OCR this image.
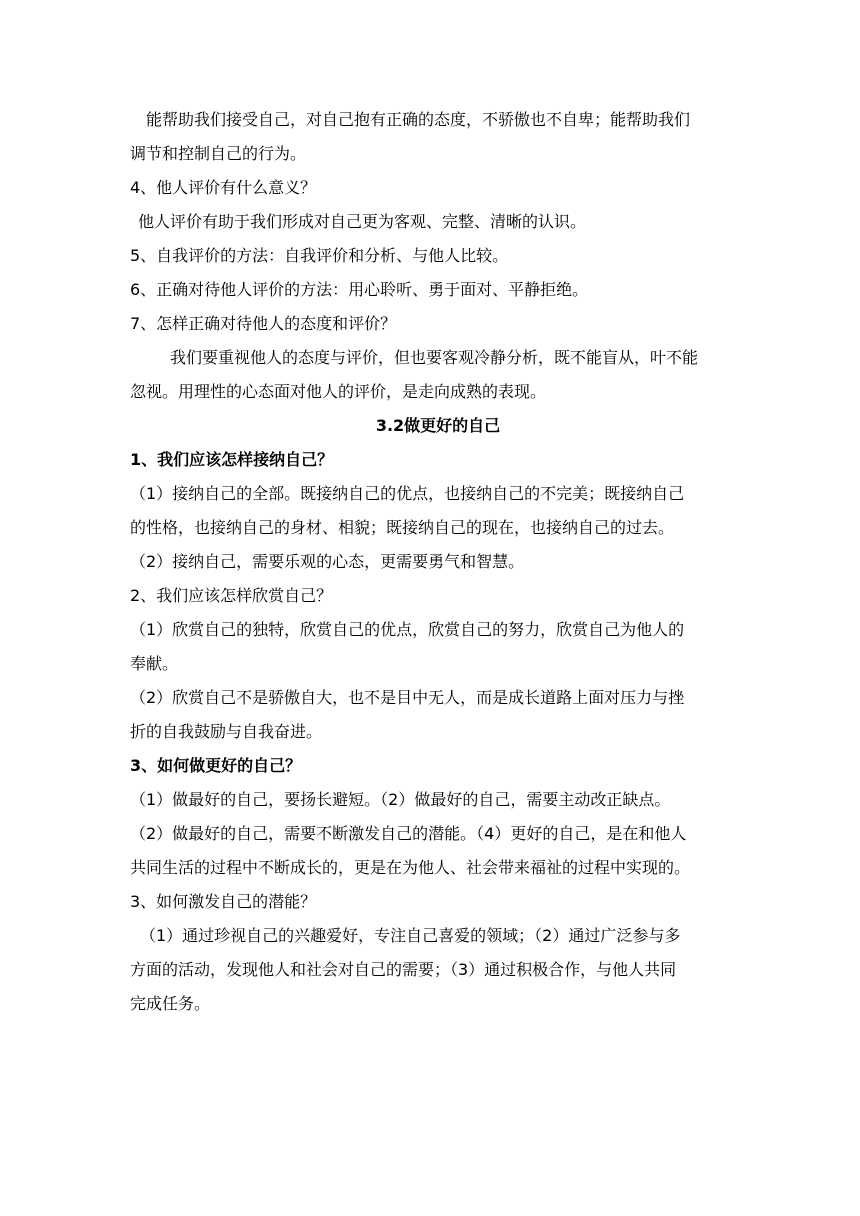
能帮助我们接受自己，对自己抱有正确的态度，不骄傲也不自卑；能帮助我们
调节和控制自己的行为。
4、他人评价有什么意义？
他人评价有助于我们形成对自己更为客观、完整、清晰的认识。
5、自我评价的方法：自我评价和分析、与他人比较。
6、正确对待他人评价的方法：用心聆听、勇于面对、平静拒绝。
7、怎样正确对待他人的态度和评价？
我们要重视他人的态度与评价，但也要客观冷静分析，既不能盲从，叶不能
忽视。用理性的心态面对他人的评价，是走向成熟的表现。
3.2做更好的自己
1、我们应该怎样接纳自己？
（1）接纳自己的全部。既接纳自己的优点，也接纳自己的不完美；既接纳自己
的性格，也接纳自己的身材、相貌；既接纳自己的现在，也接纳自己的过去。
（2）接纳自己，需要乐观的心态，更需要勇气和智慧。
2、我们应该怎样欣赏自己？
（1）欣赏自己的独特，欣赏自己的优点，欣赏自己的努力，欣赏自己为他人的
奉献。
（2）欣赏自己不是骄傲自大，也不是目中无人，而是成长道路上面对压力与挫
折的自我鼓励与自我奋进。
3、如何做更好的自己？
（1）做最好的自己，要扬长避短。（2）做最好的自己，需要主动改正缺点。
（2）做最好的自己，需要不断激发自己的潜能。（4）更好的自己，是在和他人
共同生活的过程中不断成长的，更是在为他人、社会带来福祉的过程中实现的。
3、如何激发自己的潜能？
（1）通过珍视自己的兴趣爱好，专注自己喜爱的领域；（2）通过广泛参与多
方面的活动，发现他人和社会对自己的需要；（3）通过积极合作，与他人共同
完成任务。
